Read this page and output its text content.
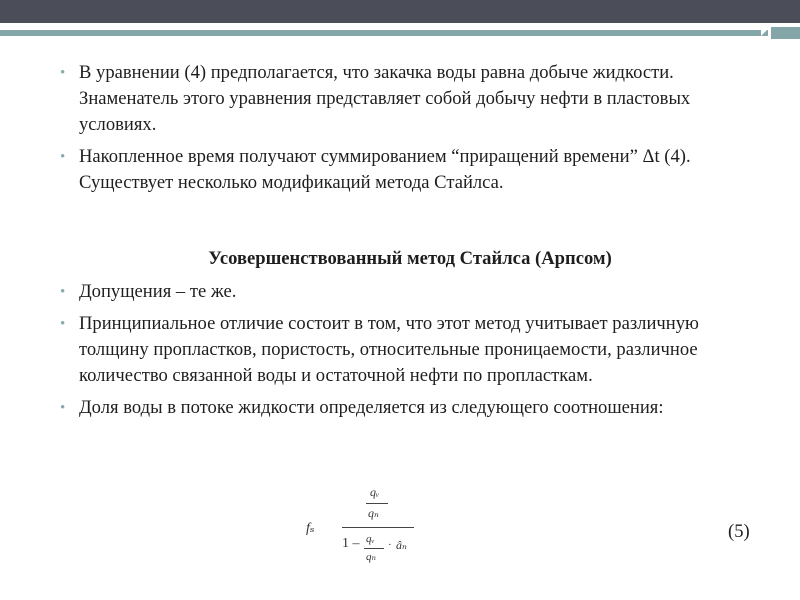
• В уравнении (4) предполагается, что закачка воды равна добыче жидкости. Знаменатель этого уравнения представляет собой добычу нефти в пластовых условиях.
• Накопленное время получают суммированием “приращений времени” Δt (4). Существует несколько модификаций метода Стайлса.
Усовершенствованный метод Стайлса (Арпсом)
• Допущения – те же.
• Принципиальное отличие состоит в том, что этот метод учитывает различную толщину пропластков, пористость, относительные проницаемости, различное количество связанной воды и остаточной нефти по пропласткам.
• Доля воды в потоке жидкости определяется из следующего соотношения:
qᵥ
qₙ
fₛ
1 – qᵥ
qₙ
· âₙ
(5)
